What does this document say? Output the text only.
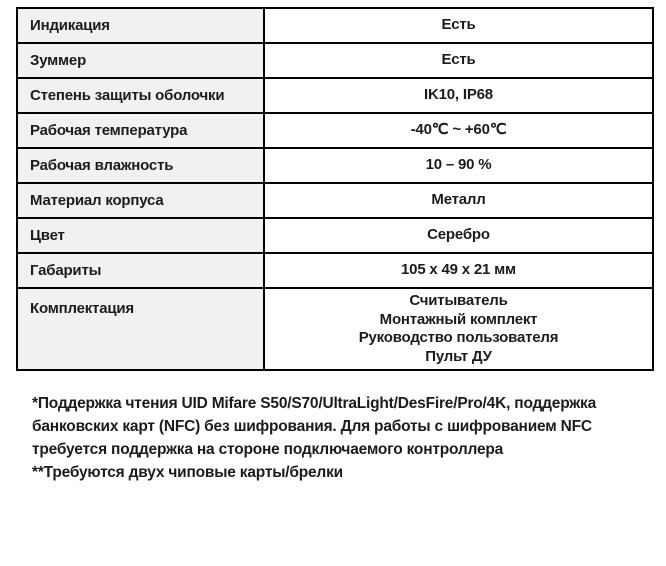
Индикация	Есть

Зуммер	Есть

Степень защиты оболочки	IK10, IP68

Рабочая температура	-40℃ ~ +60℃

Рабочая влажность	10 – 90 %

Материал корпуса	Металл

Цвет	Серебро

Габариты	105 x 49 x 21 мм

Комплектация	Считыватель
Монтажный комплект
Руководство пользователя
Пульт ДУ

*Поддержка чтения UID Mifare S50/S70/UltraLight/DesFire/Pro/4K, поддержка банковских карт (NFC) без шифрования. Для работы с шифрованием NFC требуется поддержка на стороне подключаемого контроллера

**Требуются двух чиповые карты/брелки
